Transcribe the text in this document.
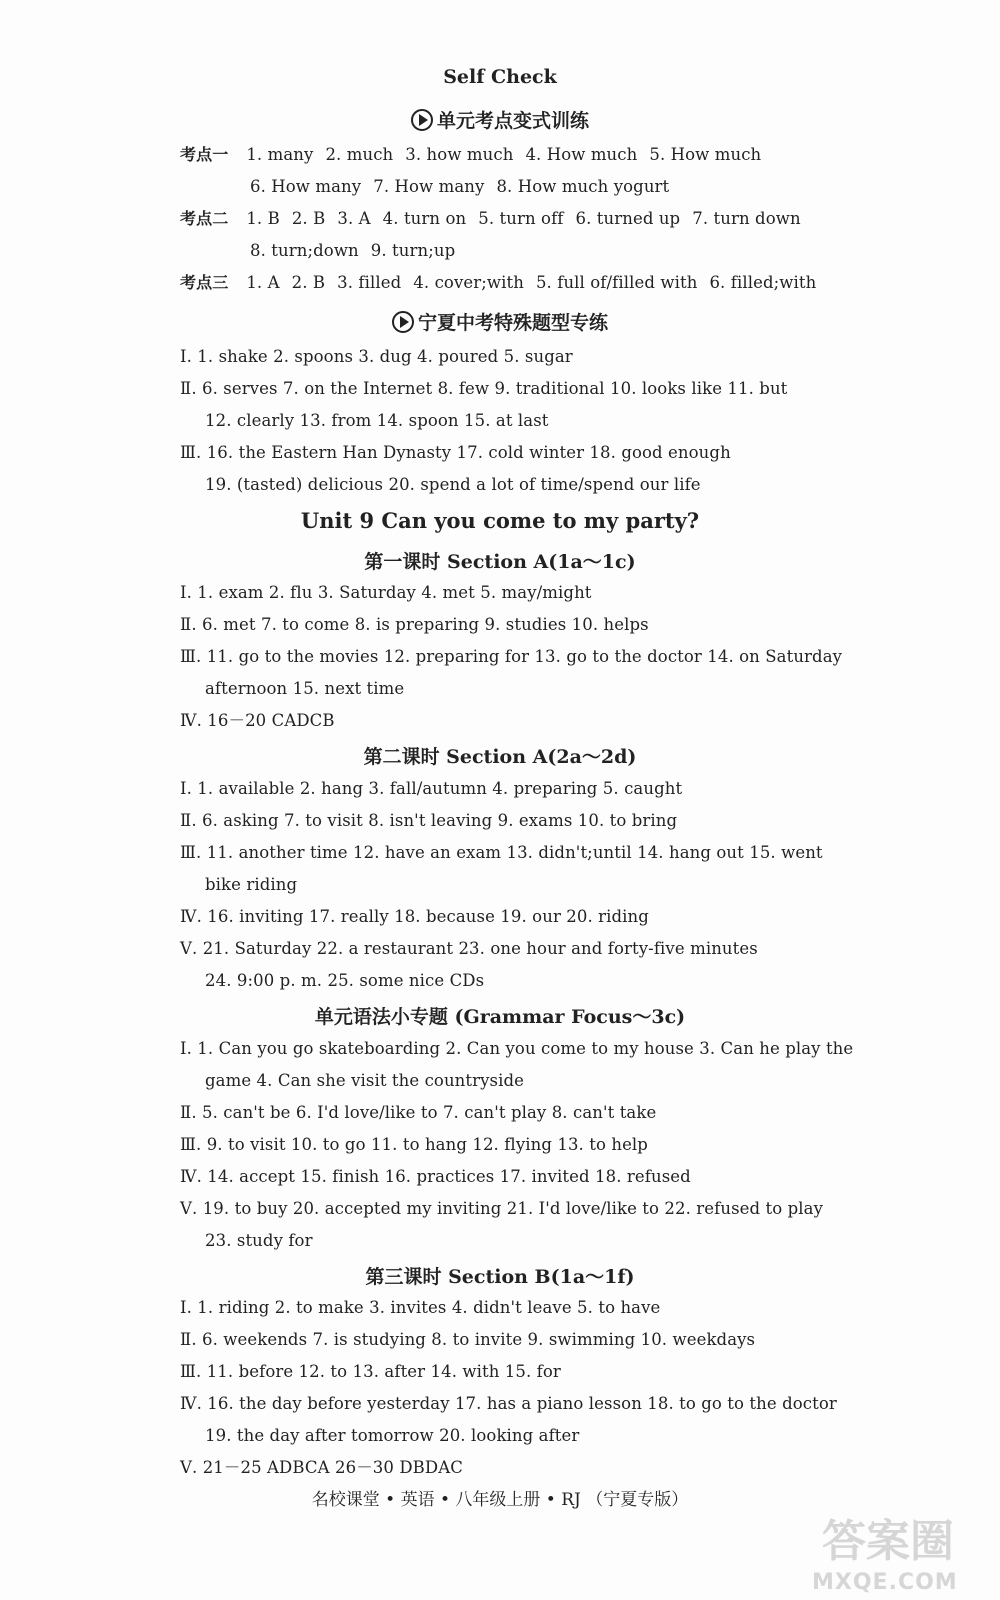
Self Check
单元考点变式训练
考点一 1. many 2. much 3. how much 4. How much 5. How much
6. How many 7. How many 8. How much yogurt
考点二 1. B 2. B 3. A 4. turn on 5. turn off 6. turned up 7. turn down
8. turn;down 9. turn;up
考点三 1. A 2. B 3. filled 4. cover;with 5. full of/filled with 6. filled;with
宁夏中考特殊题型专练
Ⅰ. 1. shake 2. spoons 3. dug 4. poured 5. sugar
Ⅱ. 6. serves 7. on the Internet 8. few 9. traditional 10. looks like 11. but
12. clearly 13. from 14. spoon 15. at last
Ⅲ. 16. the Eastern Han Dynasty 17. cold winter 18. good enough
19. (tasted) delicious 20. spend a lot of time/spend our life
Unit 9 Can you come to my party?
第一课时 Section A(1a～1c)
Ⅰ. 1. exam 2. flu 3. Saturday 4. met 5. may/might
Ⅱ. 6. met 7. to come 8. is preparing 9. studies 10. helps
Ⅲ. 11. go to the movies 12. preparing for 13. go to the doctor 14. on Saturday
afternoon 15. next time
Ⅳ. 16－20 CADCB
第二课时 Section A(2a～2d)
Ⅰ. 1. available 2. hang 3. fall/autumn 4. preparing 5. caught
Ⅱ. 6. asking 7. to visit 8. isn't leaving 9. exams 10. to bring
Ⅲ. 11. another time 12. have an exam 13. didn't;until 14. hang out 15. went
bike riding
Ⅳ. 16. inviting 17. really 18. because 19. our 20. riding
Ⅴ. 21. Saturday 22. a restaurant 23. one hour and forty-five minutes
24. 9:00 p. m. 25. some nice CDs
单元语法小专题 (Grammar Focus～3c)
Ⅰ. 1. Can you go skateboarding 2. Can you come to my house 3. Can he play the
game 4. Can she visit the countryside
Ⅱ. 5. can't be 6. I'd love/like to 7. can't play 8. can't take
Ⅲ. 9. to visit 10. to go 11. to hang 12. flying 13. to help
Ⅳ. 14. accept 15. finish 16. practices 17. invited 18. refused
Ⅴ. 19. to buy 20. accepted my inviting 21. I'd love/like to 22. refused to play
23. study for
第三课时 Section B(1a～1f)
Ⅰ. 1. riding 2. to make 3. invites 4. didn't leave 5. to have
Ⅱ. 6. weekends 7. is studying 8. to invite 9. swimming 10. weekdays
Ⅲ. 11. before 12. to 13. after 14. with 15. for
Ⅳ. 16. the day before yesterday 17. has a piano lesson 18. to go to the doctor
19. the day after tomorrow 20. looking after
Ⅴ. 21－25 ADBCA 26－30 DBDAC
名校课堂 • 英语 • 八年级上册 • RJ （宁夏专版）
答案圈
MXQE.COM
